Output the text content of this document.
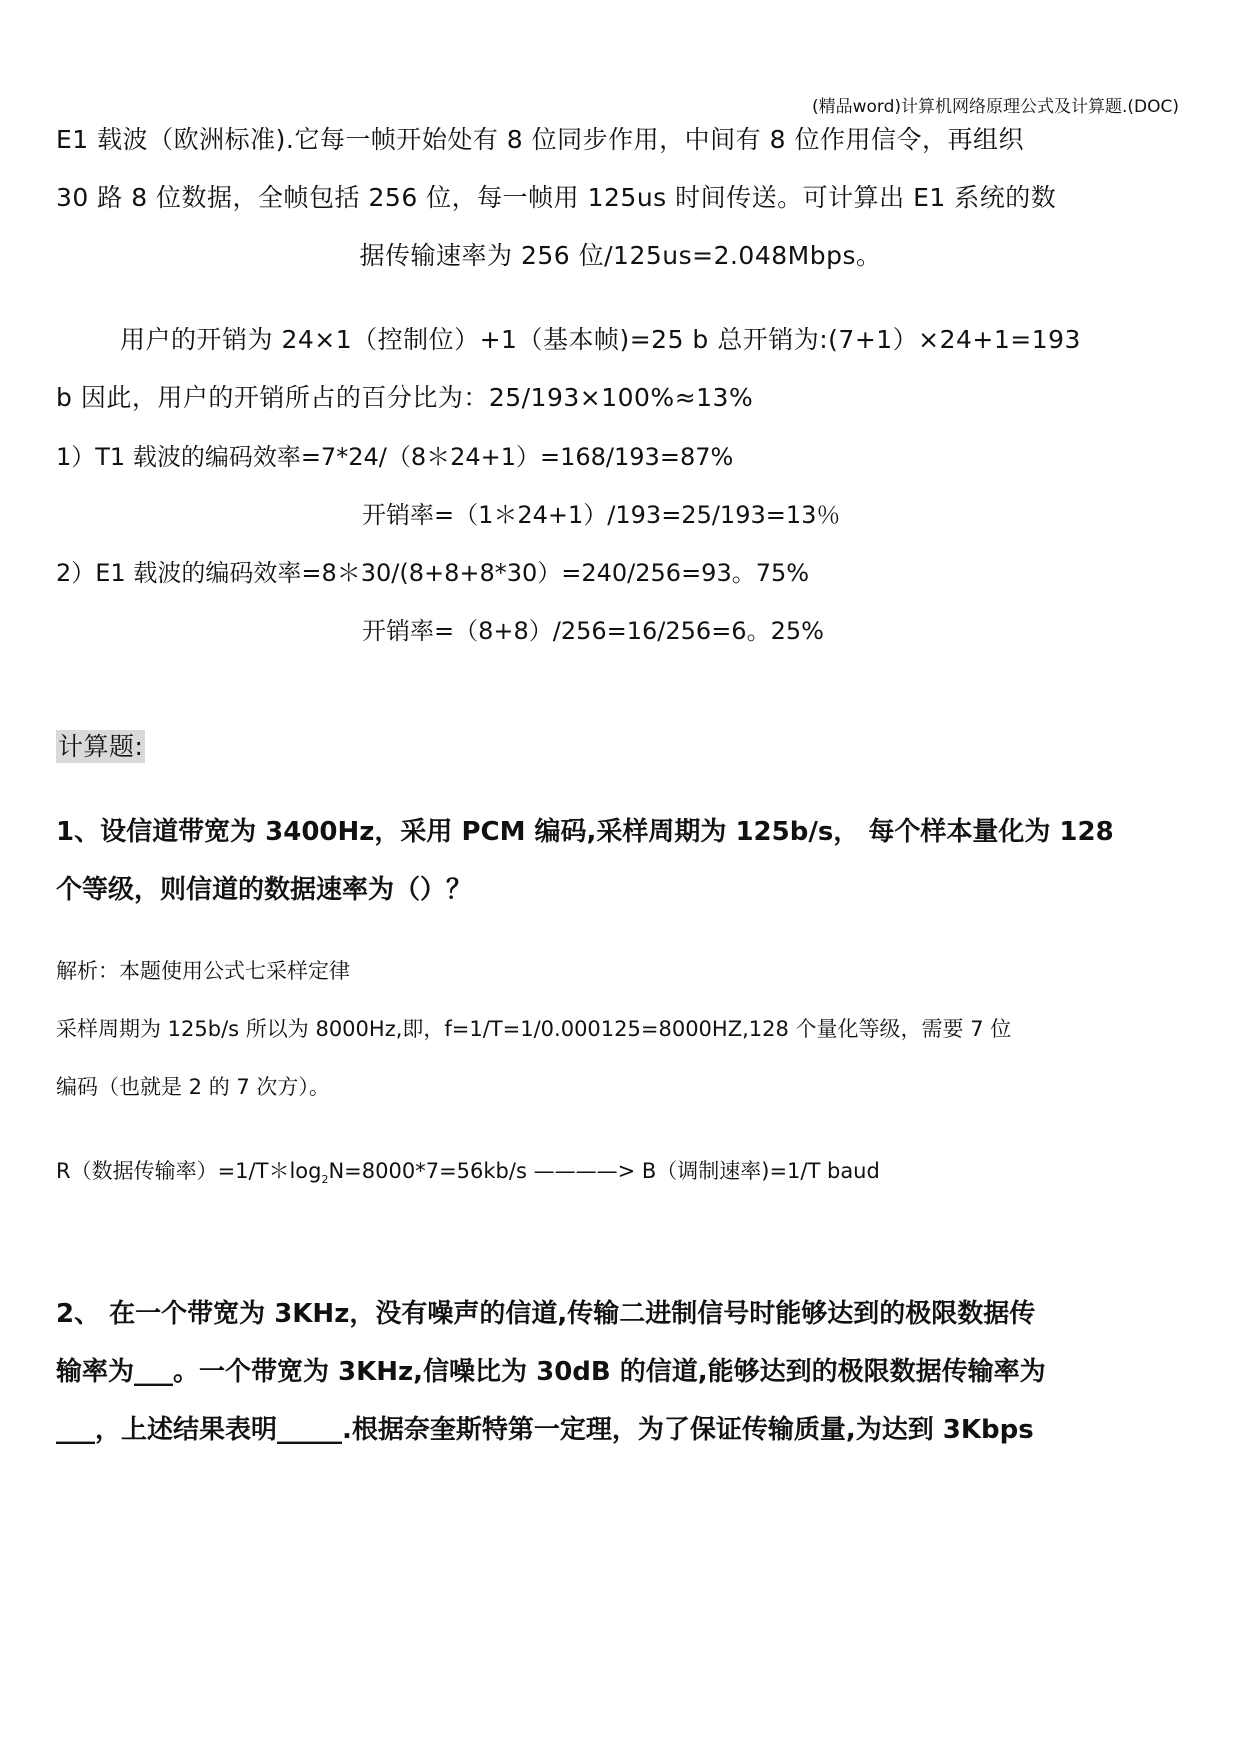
(精品word)计算机网络原理公式及计算题.(DOC)
E1 载波（欧洲标准).它每一帧开始处有 8 位同步作用，中间有 8 位作用信令，再组织
30 路 8 位数据，全帧包括 256 位，每一帧用 125us 时间传送。可计算出 E1 系统的数
据传输速率为 256 位/125us=2.048Mbps。
用户的开销为 24×1（控制位）+1（基本帧)=25 b 总开销为:(7+1）×24+1=193
b 因此，用户的开销所占的百分比为：25/193×100%≈13%
1）T1 载波的编码效率=7*24/（8＊24+1）=168/193=87%
开销率=（1＊24+1）/193=25/193=13％
2）E1 载波的编码效率=8＊30/(8+8+8*30）=240/256=93。75%
开销率=（8+8）/256=16/256=6。25%
计算题:
1、设信道带宽为 3400Hz，采用 PCM 编码,采样周期为 125b/s， 每个样本量化为 128
个等级，则信道的数据速率为（）？
解析：本题使用公式七采样定律
采样周期为 125b/s 所以为 8000Hz,即，f=1/T=1/0.000125=8000HZ,128 个量化等级，需要 7 位
编码（也就是 2 的 7 次方）。
R（数据传输率）$=1/T*\log_2N=8000*7=56kb/s$ ————> B（调制速率)=1/T baud
2、 在一个带宽为 3KHz，没有噪声的信道,传输二进制信号时能够达到的极限数据传
输率为___。一个带宽为 3KHz,信噪比为 30dB 的信道,能够达到的极限数据传输率为
___，上述结果表明_____.根据奈奎斯特第一定理，为了保证传输质量,为达到 3Kbps
